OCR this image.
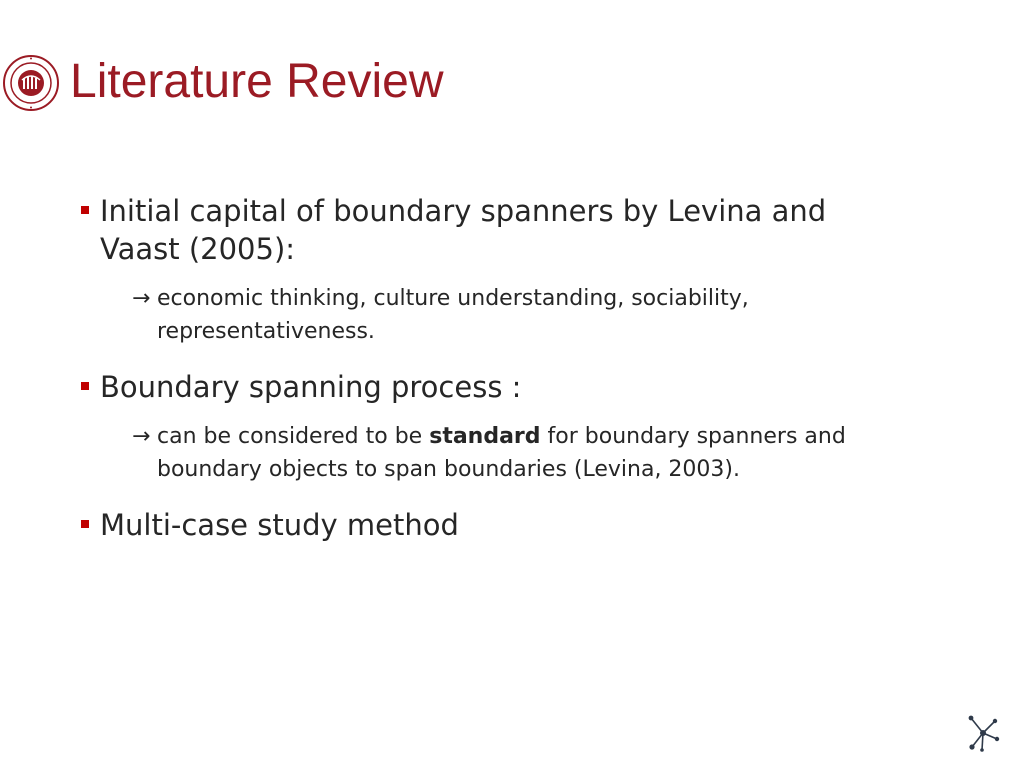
Literature Review
Initial capital of boundary spanners by Levina and Vaast (2005):
→ economic thinking, culture understanding, sociability, representativeness.
Boundary spanning process :
→ can be considered to be standard for boundary spanners and boundary objects to span boundaries (Levina, 2003).
Multi-case study method
